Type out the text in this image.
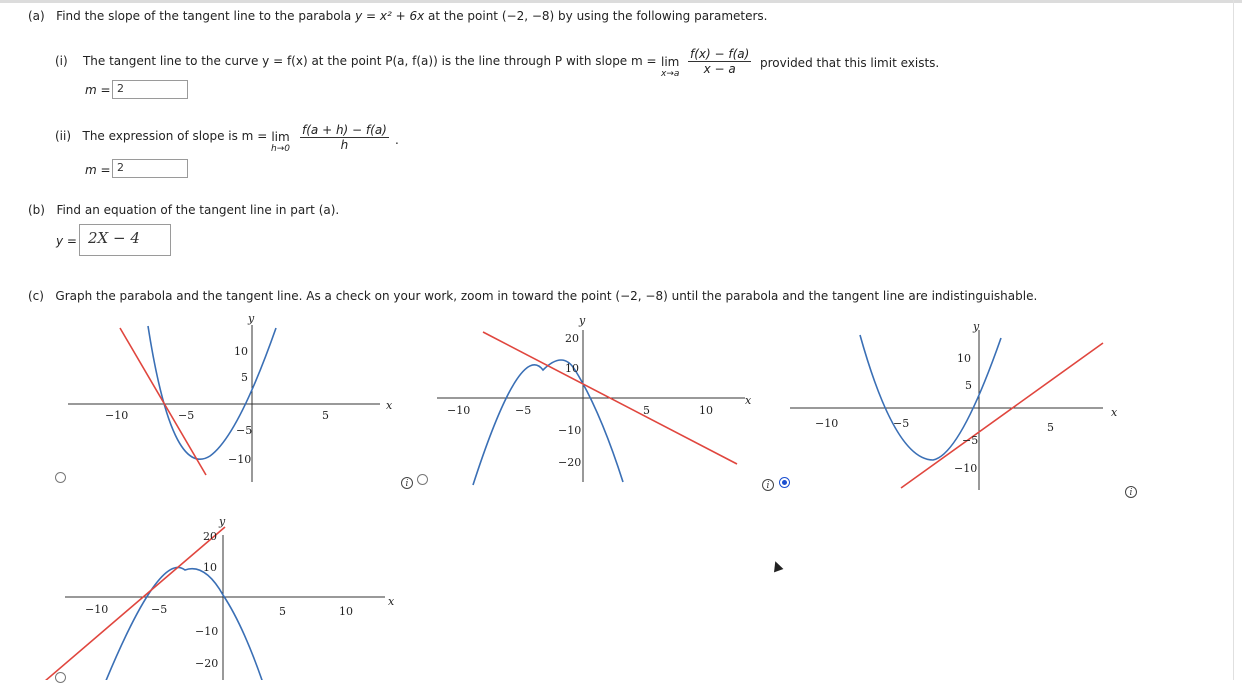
(a) Find the slope of the tangent line to the parabola y = x² + 6x at the point (−2, −8) by using the following parameters.
(i) The tangent line to the curve y = f(x) at the point P(a, f(a)) is the line through P with slope m = lim
$x\to a \frac{f(x) - f(a)}{x - a}$ provided that this limit exists.
m = 2
(ii) The expression of slope is m = lim
$h\to 0 \frac{f(a + h) - f(a)}{h}$ .
m = 2
(b) Find an equation of the tangent line in part (a).
y = 2X − 4
(c) Graph the parabola and the tangent line. As a check on your work, zoom in toward the point (−2, −8) until the parabola and the tangent line are indistinguishable.
−10	−5	5
10
5
−5
−10
x
y
i
−10	−5	5	10
20
10
−10
−20
x
y
i
−10	−5	5
10
5
−5
−10
x
y
i
−10	−5	5	10
20
10
−10
−20
x
y
